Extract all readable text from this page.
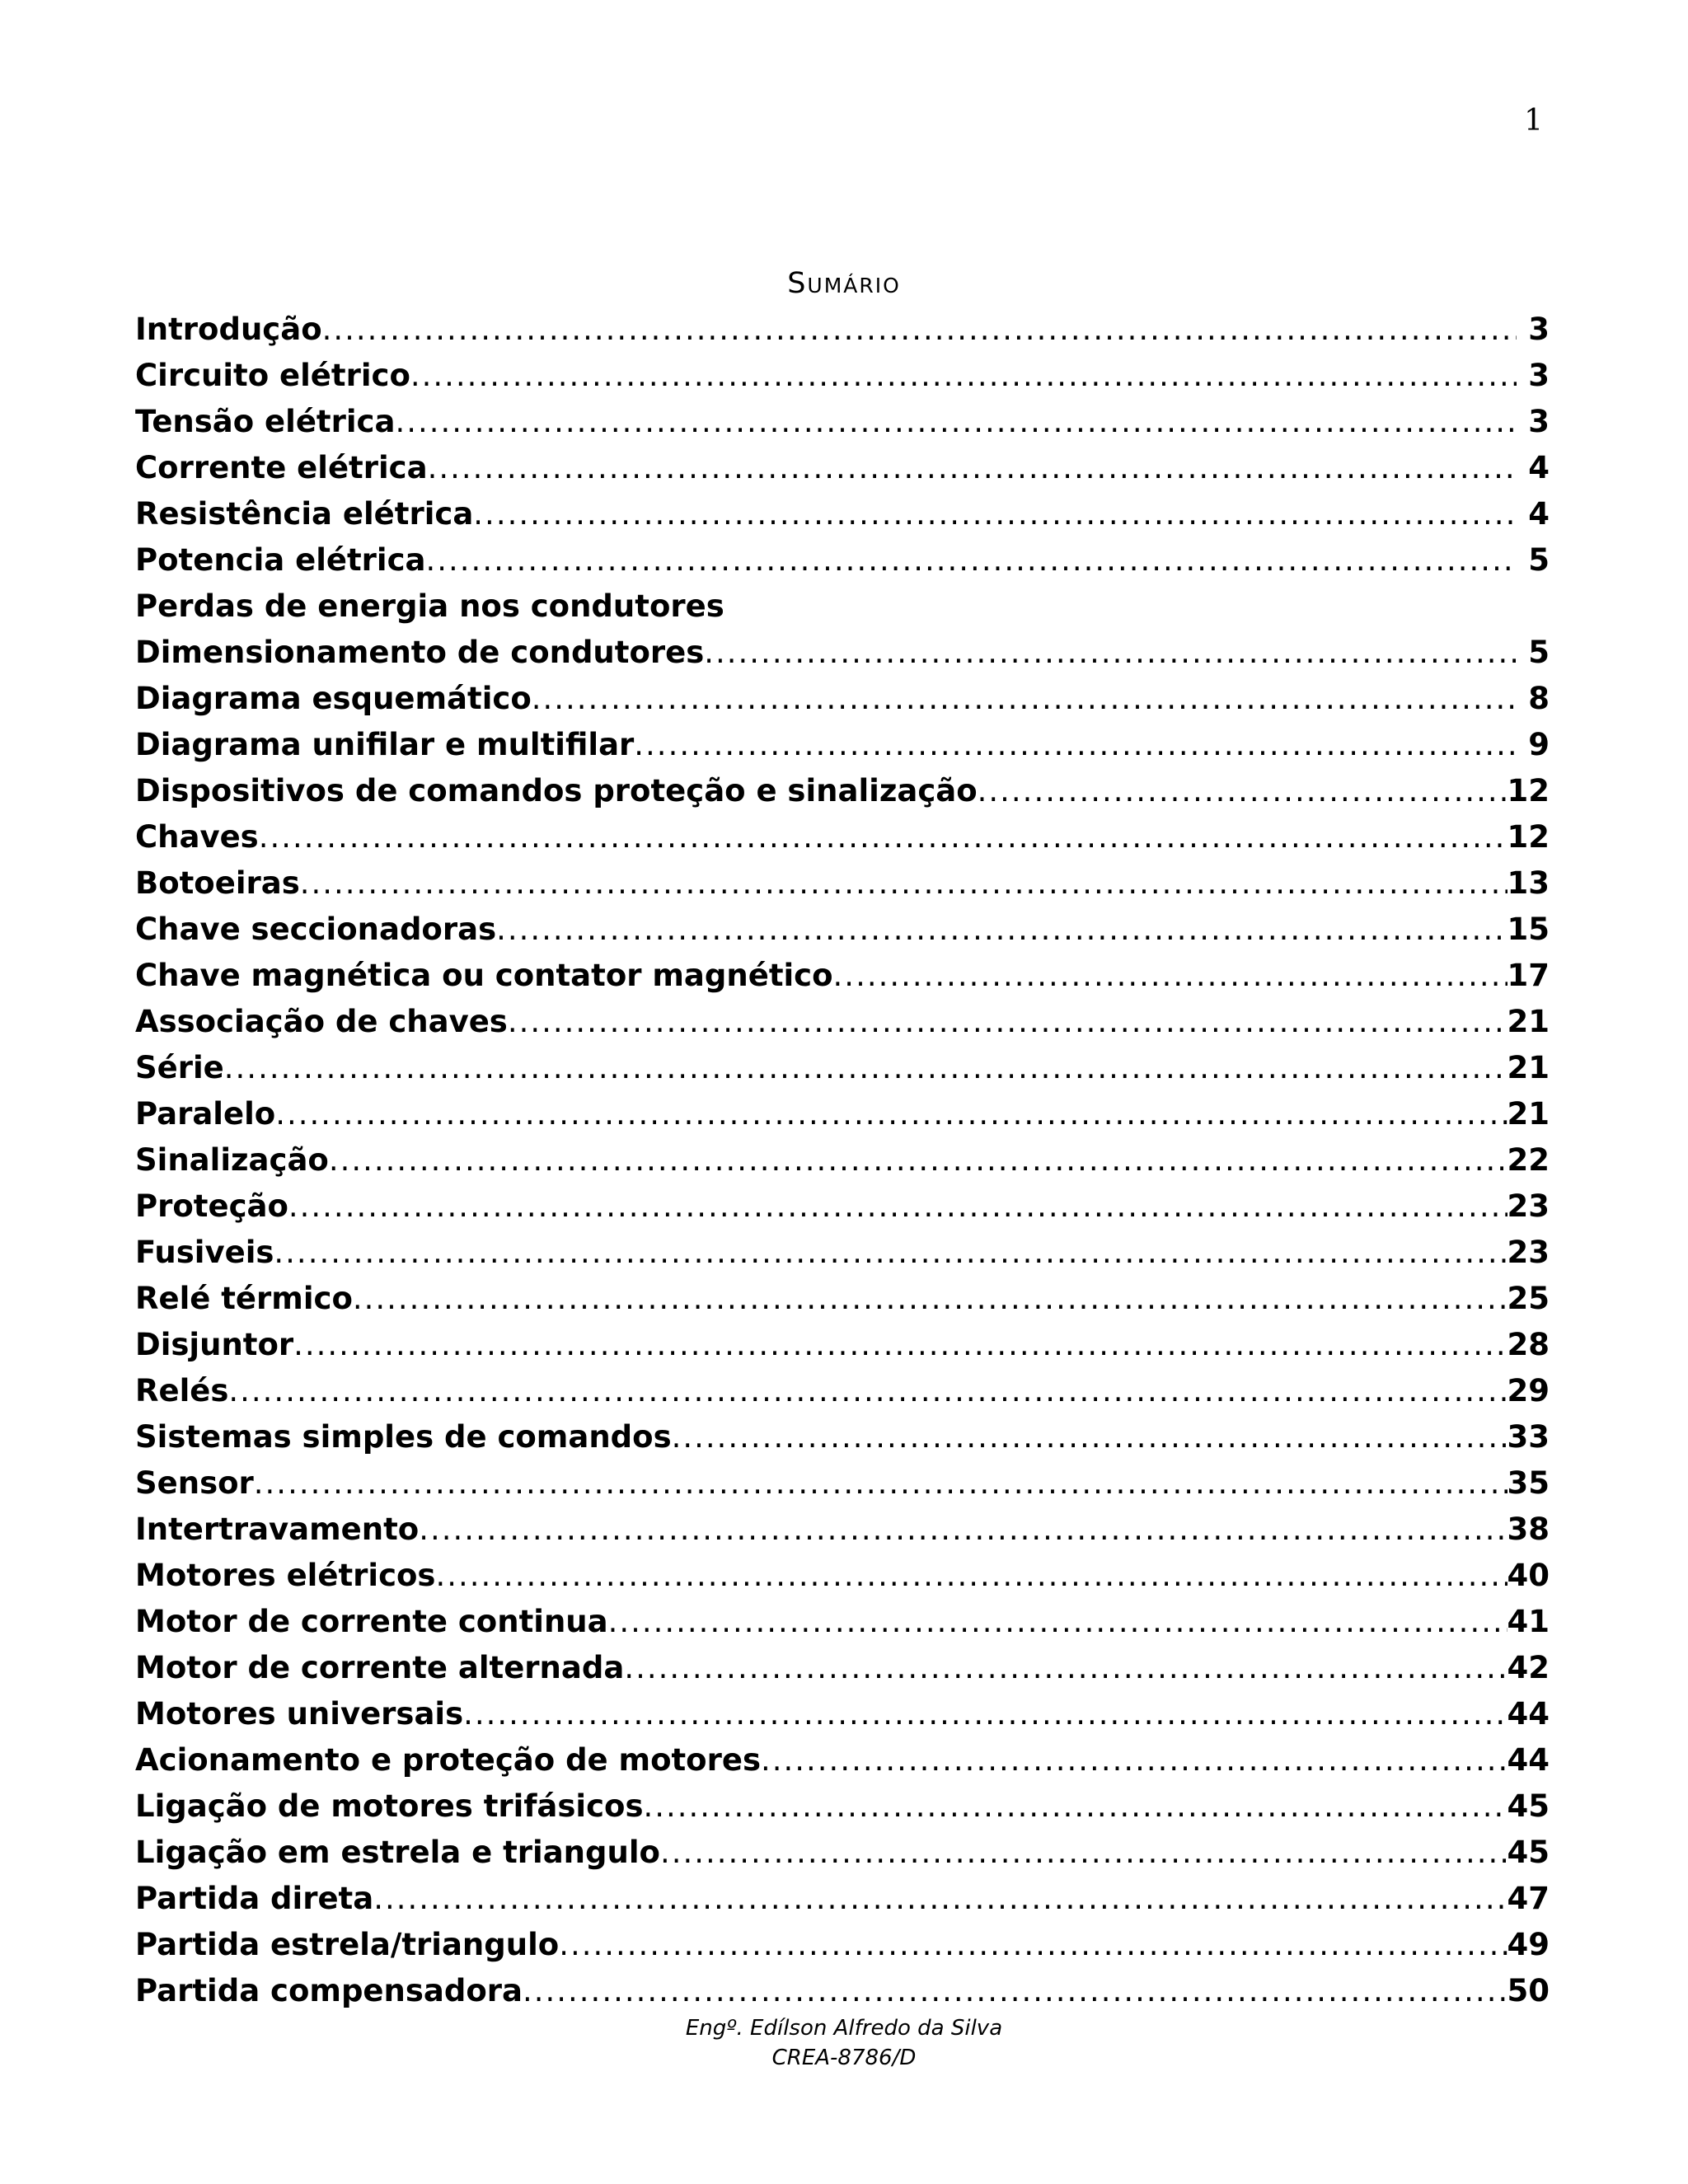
1
Sumário
Introdução .....	3
Circuito elétrico .....	3
Tensão elétrica .....	3
Corrente elétrica .....	4
Resistência elétrica .....	4
Potencia elétrica .....	5
Perdas de energia nos condutores
Dimensionamento de condutores .....	5
Diagrama esquemático .....	8
Diagrama unifilar e multifilar .....	9
Dispositivos de comandos proteção e sinalização .....	12
Chaves .....	12
Botoeiras .....	13
Chave seccionadoras .....	15
Chave magnética ou contator magnético .....	17
Associação de chaves .....	21
Série .....	21
Paralelo .....	21
Sinalização .....	22
Proteção .....	23
Fusiveis .....	23
Relé térmico .....	25
Disjuntor .....	28
Relés .....	29
Sistemas simples de comandos .....	33
Sensor .....	35
Intertravamento .....	38
Motores elétricos .....	40
Motor de corrente continua .....	41
Motor de corrente alternada .....	42
Motores universais .....	44
Acionamento e proteção de motores .....	44
Ligação de motores trifásicos .....	45
Ligação em estrela e triangulo .....	45
Partida direta .....	47
Partida estrela/triangulo .....	49
Partida compensadora .....	50
Engº. Edílson Alfredo da Silva
CREA-8786/D
